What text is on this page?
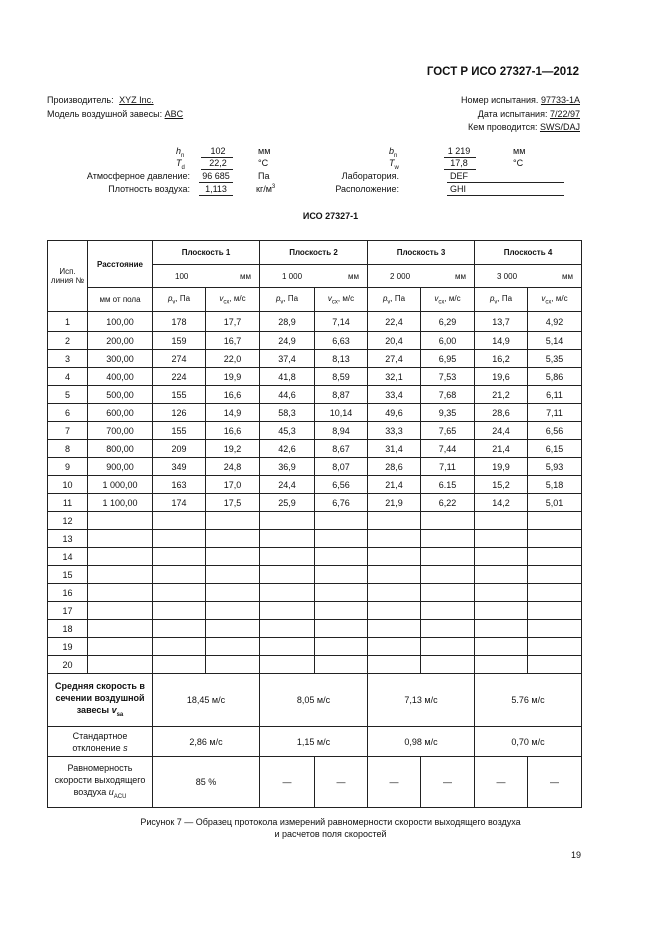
ГОСТ Р ИСО 27327-1—2012
Производитель: XYZ Inc.
Модель воздушной завесы: ABC
Номер испытания. 97733-1A
Дата испытания: 7/22/97
Кем проводится: SWS/DAJ
$h_n$	102	мм
$T_d$	22,2	°C
Атмосферное давление:	96 685	Па
Плотность воздуха:	1,113	$кг/м^3$
$b_n$	1 219	мм
$T_w$	17,8	°C
Лаборатория.	DEF
Расположение:	GHI
ИСО 27327-1
Исп. линия №	Расстояние	Плоскость 1		Плоскость 2		Плоскость 3		Плоскость 4	

		100 мм		1 000 мм		2 000 мм		3 000 мм	

	мм от пола	$p_v$, Па	$v_{сх}$, м/с	$p_v$, Па	$v_{сх}$, м/с	$p_v$, Па	$v_{сх}$, м/с	$p_v$, Па	$v_{сх}$, м/с
1	100,00	178	17,7	28,9	7,14	22,4	6,29	13,7	4,92
2	200,00	159	16,7	24,9	6,63	20,4	6,00	14,9	5,14
3	300,00	274	22,0	37,4	8,13	27,4	6,95	16,2	5,35
4	400,00	224	19,9	41,8	8,59	32,1	7,53	19,6	5,86
5	500,00	155	16,6	44,6	8,87	33,4	7,68	21,2	6,11
6	600,00	126	14,9	58,3	10,14	49,6	9,35	28,6	7,11
7	700,00	155	16,6	45,3	8,94	33,3	7,65	24,4	6,56
8	800,00	209	19,2	42,6	8,67	31,4	7,44	21,4	6,15
9	900,00	349	24,8	36,9	8,07	28,6	7,11	19,9	5,93
10	1 000,00	163	17,0	24,4	6,56	21,4	6.15	15,2	5,18
11	1 100,00	174	17,5	25,9	6,76	21,9	6,22	14,2	5,01
12									
13									
14									
15									
16									
17									
18									
19									
20									
Средняя скорость в сечении воздушной завесы $v_{sa}$		18,45 м/с		8,05 м/с		7,13 м/с		5.76 м/с	
Стандартное отклонение s		2,86 м/с		1,15 м/с		0,98 м/с		0,70 м/с	
Равномерность скорости выходящего воздуха $u_{ACU}$		85 %		—	—	—	—	—	—
Рисунок 7 — Образец протокола измерений равномерности скорости выходящего воздуха
и расчетов поля скоростей
19
